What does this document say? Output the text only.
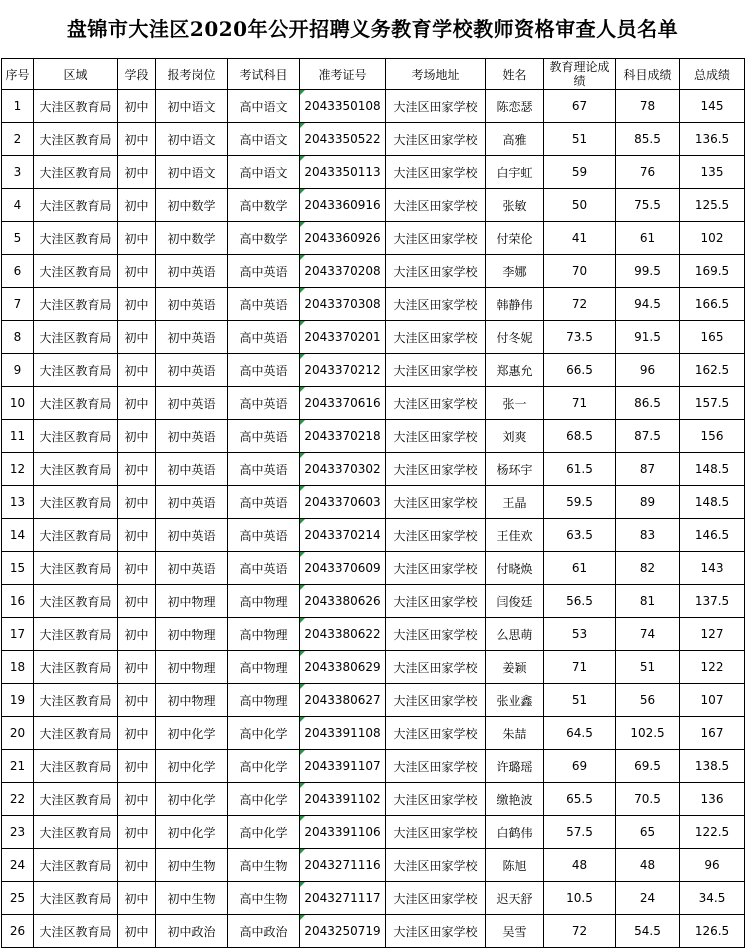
盘锦市大洼区2020年公开招聘义务教育学校教师资格审查人员名单
序号	区域	学段	报考岗位	考试科目	准考证号	考场地址	姓名	教育理论成绩	科目成绩	总成绩
1	大洼区教育局	初中	初中语文	高中语文	2043350108	大洼区田家学校	陈恋瑟	67	78	145
2	大洼区教育局	初中	初中语文	高中语文	2043350522	大洼区田家学校	高雅	51	85.5	136.5
3	大洼区教育局	初中	初中语文	高中语文	2043350113	大洼区田家学校	白宇虹	59	76	135
4	大洼区教育局	初中	初中数学	高中数学	2043360916	大洼区田家学校	张敏	50	75.5	125.5
5	大洼区教育局	初中	初中数学	高中数学	2043360926	大洼区田家学校	付荣伦	41	61	102
6	大洼区教育局	初中	初中英语	高中英语	2043370208	大洼区田家学校	李娜	70	99.5	169.5
7	大洼区教育局	初中	初中英语	高中英语	2043370308	大洼区田家学校	韩静伟	72	94.5	166.5
8	大洼区教育局	初中	初中英语	高中英语	2043370201	大洼区田家学校	付冬妮	73.5	91.5	165
9	大洼区教育局	初中	初中英语	高中英语	2043370212	大洼区田家学校	郑惠允	66.5	96	162.5
10	大洼区教育局	初中	初中英语	高中英语	2043370616	大洼区田家学校	张一	71	86.5	157.5
11	大洼区教育局	初中	初中英语	高中英语	2043370218	大洼区田家学校	刘爽	68.5	87.5	156
12	大洼区教育局	初中	初中英语	高中英语	2043370302	大洼区田家学校	杨环宇	61.5	87	148.5
13	大洼区教育局	初中	初中英语	高中英语	2043370603	大洼区田家学校	王晶	59.5	89	148.5
14	大洼区教育局	初中	初中英语	高中英语	2043370214	大洼区田家学校	王佳欢	63.5	83	146.5
15	大洼区教育局	初中	初中英语	高中英语	2043370609	大洼区田家学校	付晓焕	61	82	143
16	大洼区教育局	初中	初中物理	高中物理	2043380626	大洼区田家学校	闫俊廷	56.5	81	137.5
17	大洼区教育局	初中	初中物理	高中物理	2043380622	大洼区田家学校	么思萌	53	74	127
18	大洼区教育局	初中	初中物理	高中物理	2043380629	大洼区田家学校	姜颖	71	51	122
19	大洼区教育局	初中	初中物理	高中物理	2043380627	大洼区田家学校	张业鑫	51	56	107
20	大洼区教育局	初中	初中化学	高中化学	2043391108	大洼区田家学校	朱喆	64.5	102.5	167
21	大洼区教育局	初中	初中化学	高中化学	2043391107	大洼区田家学校	许璐瑶	69	69.5	138.5
22	大洼区教育局	初中	初中化学	高中化学	2043391102	大洼区田家学校	缴艳波	65.5	70.5	136
23	大洼区教育局	初中	初中化学	高中化学	2043391106	大洼区田家学校	白鹤伟	57.5	65	122.5
24	大洼区教育局	初中	初中生物	高中生物	2043271116	大洼区田家学校	陈旭	48	48	96
25	大洼区教育局	初中	初中生物	高中生物	2043271117	大洼区田家学校	迟天舒	10.5	24	34.5
26	大洼区教育局	初中	初中政治	高中政治	2043250719	大洼区田家学校	吴雪	72	54.5	126.5
